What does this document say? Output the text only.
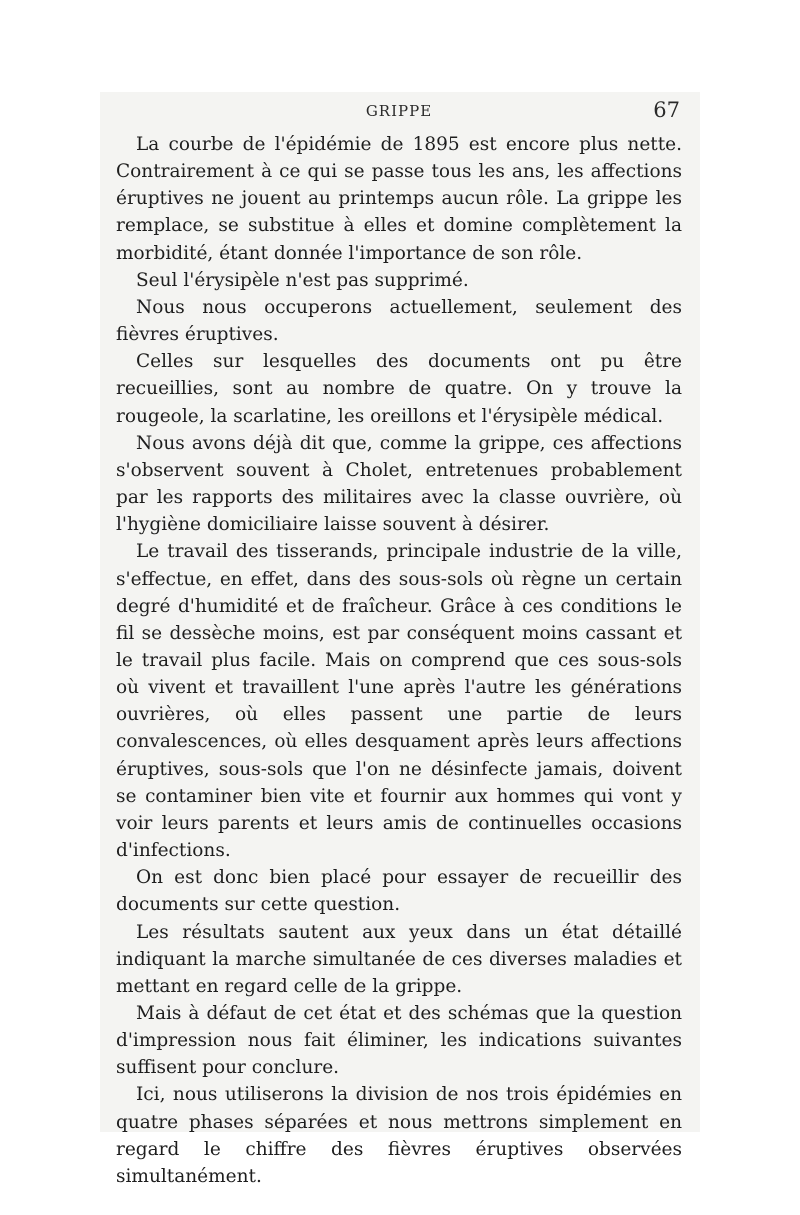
GRIPPE	67

La courbe de l'épidémie de 1895 est encore plus nette. Contrairement à ce qui se passe tous les ans, les affections éruptives ne jouent au printemps aucun rôle. La grippe les remplace, se substitue à elles et domine complètement la morbidité, étant donnée l'importance de son rôle.

Seul l'érysipèle n'est pas supprimé.

Nous nous occuperons actuellement, seulement des fièvres éruptives.

Celles sur lesquelles des documents ont pu être recueillies, sont au nombre de quatre. On y trouve la rougeole, la scarlatine, les oreillons et l'érysipèle médical.

Nous avons déjà dit que, comme la grippe, ces affections s'observent souvent à Cholet, entretenues probablement par les rapports des militaires avec la classe ouvrière, où l'hygiène domiciliaire laisse souvent à désirer.

Le travail des tisserands, principale industrie de la ville, s'effectue, en effet, dans des sous-sols où règne un certain degré d'humidité et de fraîcheur. Grâce à ces conditions le fil se dessèche moins, est par conséquent moins cassant et le travail plus facile. Mais on comprend que ces sous-sols où vivent et travaillent l'une après l'autre les générations ouvrières, où elles passent une partie de leurs convalescences, où elles desquament après leurs affections éruptives, sous-sols que l'on ne désinfecte jamais, doivent se contaminer bien vite et fournir aux hommes qui vont y voir leurs parents et leurs amis de continuelles occasions d'infections.

On est donc bien placé pour essayer de recueillir des documents sur cette question.

Les résultats sautent aux yeux dans un état détaillé indiquant la marche simultanée de ces diverses maladies et mettant en regard celle de la grippe.

Mais à défaut de cet état et des schémas que la question d'impression nous fait éliminer, les indications suivantes suffisent pour conclure.

Ici, nous utiliserons la division de nos trois épidémies en quatre phases séparées et nous mettrons simplement en regard le chiffre des fièvres éruptives observées simultanément.
